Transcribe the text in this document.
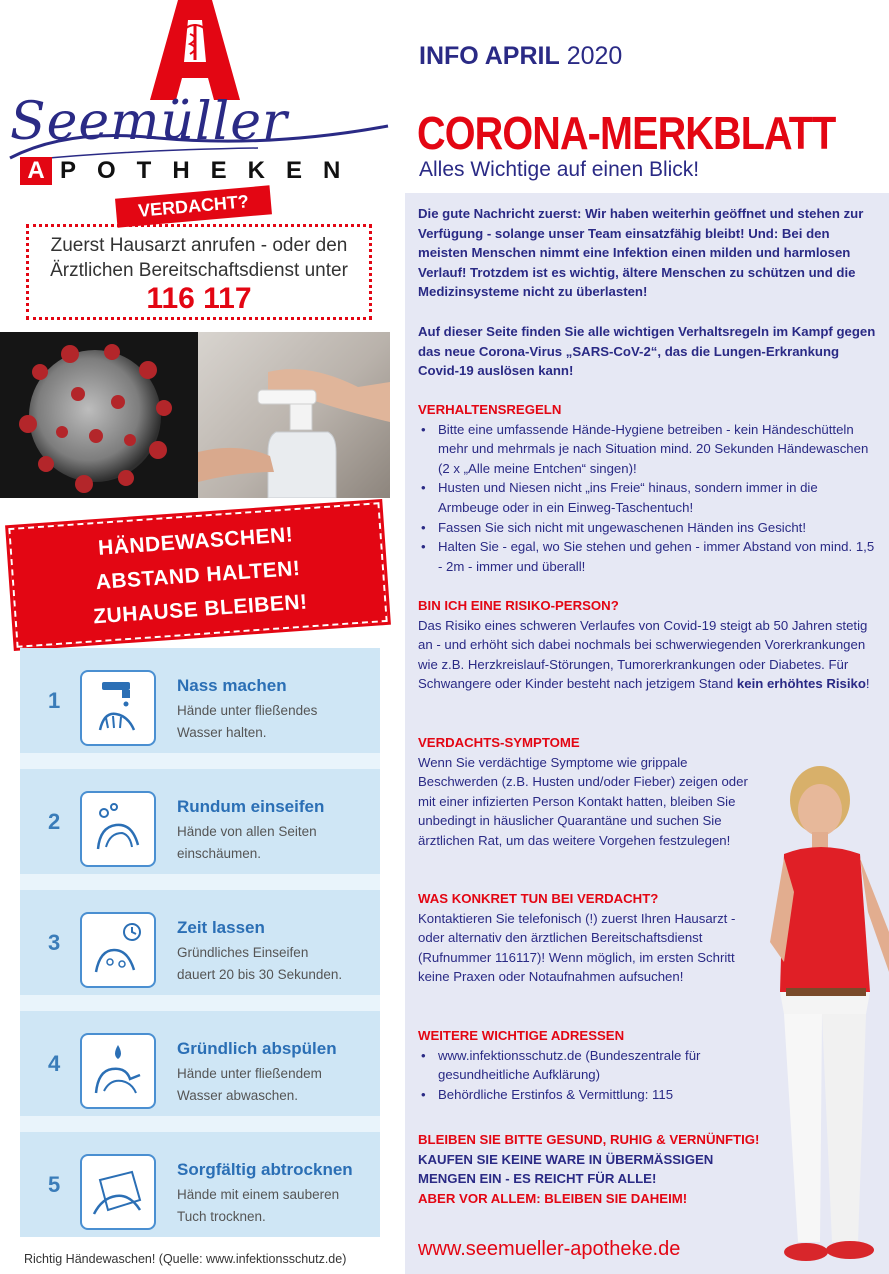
Seemüller
A POTHEKEN
VERDACHT?
Zuerst Hausarzt anrufen - oder den
Ärztlichen Bereitschaftsdienst unter
116 117
HÄNDEWASCHEN!
ABSTAND HALTEN!
ZUHAUSE BLEIBEN!
1
Nass machen
Hände unter fließendes
Wasser halten.
2
Rundum einseifen
Hände von allen Seiten
einschäumen.
3
Zeit lassen
Gründliches Einseifen
dauert 20 bis 30 Sekunden.
4
Gründlich abspülen
Hände unter fließendem
Wasser abwaschen.
5
Sorgfältig abtrocknen
Hände mit einem sauberen
Tuch trocknen.
Richtig Händewaschen! (Quelle: www.infektionsschutz.de)
INFO APRIL 2020
CORONA-MERKBLATT
Alles Wichtige auf einen Blick!
Die gute Nachricht zuerst: Wir haben weiterhin geöffnet und stehen zur Verfügung - solange unser Team einsatzfähig bleibt! Und: Bei den meisten Menschen nimmt eine Infektion einen milden und harmlosen Verlauf! Trotzdem ist es wichtig, ältere Menschen zu schützen und die Medizinsysteme nicht zu überlasten!
Auf dieser Seite finden Sie alle wichtigen Verhaltsregeln im Kampf gegen das neue Corona-Virus „SARS-CoV-2“, das die Lungen-Erkrankung Covid-19 auslösen kann!
VERHALTENSREGELN
• Bitte eine umfassende Hände-Hygiene betreiben - kein Händeschütteln mehr und mehrmals je nach Situation mind. 20 Sekunden Händewaschen (2 x „Alle meine Entchen“ singen)!
• Husten und Niesen nicht „ins Freie“ hinaus, sondern immer in die Armbeuge oder in ein Einweg-Taschentuch!
• Fassen Sie sich nicht mit ungewaschenen Händen ins Gesicht!
• Halten Sie - egal, wo Sie stehen und gehen - immer Abstand von mind. 1,5 - 2m - immer und überall!
BIN ICH EINE RISIKO-PERSON?
Das Risiko eines schweren Verlaufes von Covid-19 steigt ab 50 Jahren stetig an - und erhöht sich dabei nochmals bei schwerwiegenden Vorerkrankungen wie z.B. Herzkreislauf-Störungen, Tumorerkrankungen oder Diabetes. Für Schwangere oder Kinder besteht nach jetzigem Stand kein erhöhtes Risiko!
VERDACHTS-SYMPTOME
Wenn Sie verdächtige Symptome wie grippale Beschwerden (z.B. Husten und/oder Fieber) zeigen oder mit einer infizierten Person Kontakt hatten, bleiben Sie unbedingt in häuslicher Quarantäne und suchen Sie ärztlichen Rat, um das weitere Vorgehen festzulegen!
WAS KONKRET TUN BEI VERDACHT?
Kontaktieren Sie telefonisch (!) zuerst Ihren Hausarzt - oder alternativ den ärztlichen Bereitschaftsdienst (Rufnummer 116117)! Wenn möglich, im ersten Schritt keine Praxen oder Notaufnahmen aufsuchen!
WEITERE WICHTIGE ADRESSEN
• www.infektionsschutz.de (Bundeszentrale für gesundheitliche Aufklärung)
• Behördliche Erstinfos & Vermittlung: 115
BLEIBEN SIE BITTE GESUND, RUHIG & VERNÜNFTIG!
KAUFEN SIE KEINE WARE IN ÜBERMÄSSIGEN
MENGEN EIN - ES REICHT FÜR ALLE!
ABER VOR ALLEM: BLEIBEN SIE DAHEIM!
www.seemueller-apotheke.de
